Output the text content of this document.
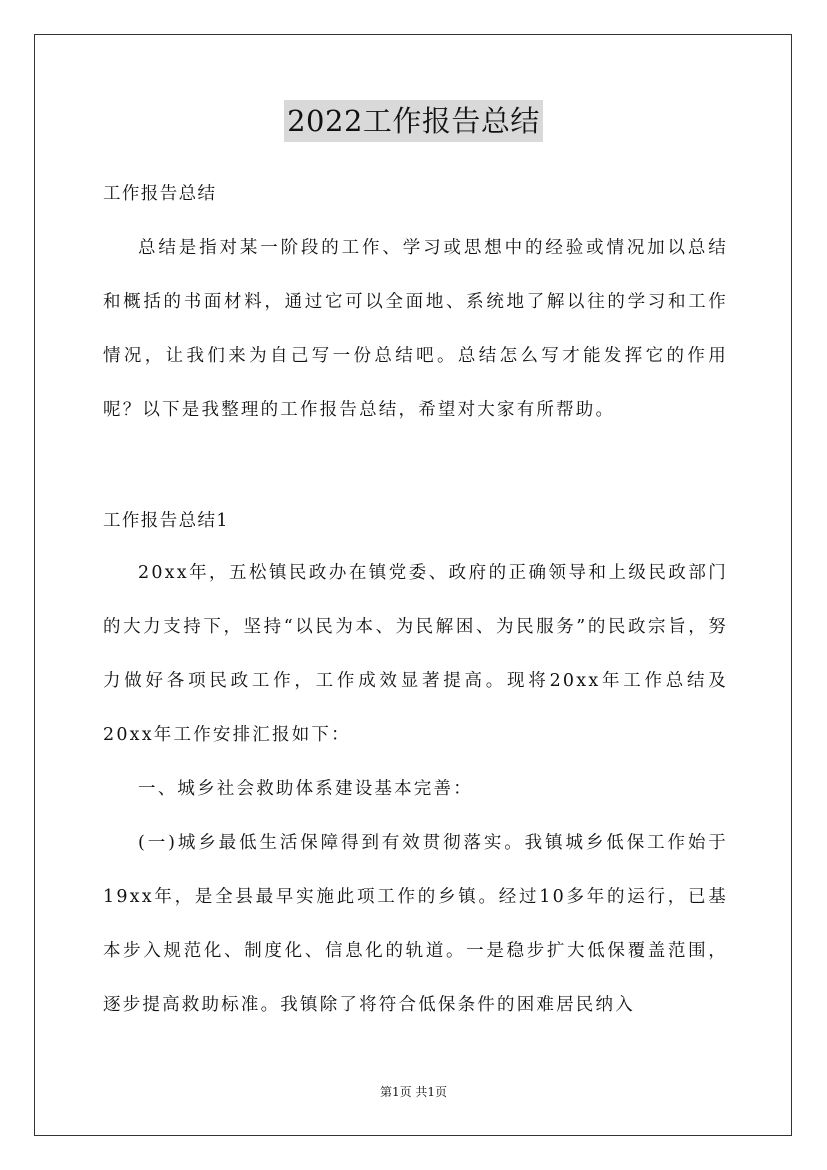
2022工作报告总结
工作报告总结

总结是指对某一阶段的工作、学习或思想中的经验或情况加以总结和概括的书面材料，通过它可以全面地、系统地了解以往的学习和工作情况，让我们来为自己写一份总结吧。总结怎么写才能发挥它的作用呢？以下是我整理的工作报告总结，希望对大家有所帮助。

工作报告总结1

20xx年，五松镇民政办在镇党委、政府的正确领导和上级民政部门的大力支持下，坚持“以民为本、为民解困、为民服务”的民政宗旨，努力做好各项民政工作，工作成效显著提高。现将20xx年工作总结及20xx年工作安排汇报如下：

一、城乡社会救助体系建设基本完善：

(一)城乡最低生活保障得到有效贯彻落实。我镇城乡低保工作始于19xx年，是全县最早实施此项工作的乡镇。经过10多年的运行，已基本步入规范化、制度化、信息化的轨道。一是稳步扩大低保覆盖范围，逐步提高救助标准。我镇除了将符合低保条件的困难居民纳入

第1页 共1页
